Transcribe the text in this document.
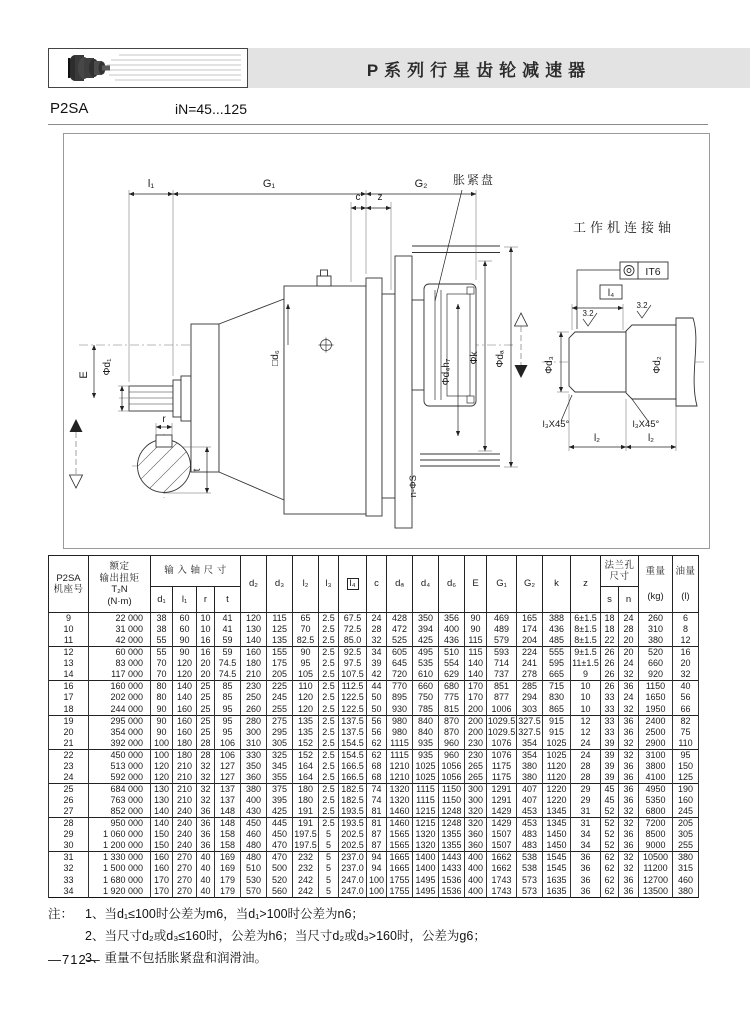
P系列行星齿轮减速器
P2SA	iN=45...125
l₁	G₁	G₂
c z
E Φd₁
□d₆
Φd₄h₇
Φk Φdₐ
n-ΦS
胀紧盘
工作机连接轴
IT6
l₄
3.2
3.2
Φd₃	Φd₂
l₃X45°	l₃X45°
l₂	l₂
r
t
P2SA
机座号

额定
输出扭矩
T₂N
(N·m)
	输 入 轴 尺 寸	d₂	d₃	l₂	l₃	l₄	c	dₐ	d₄	d₆	E	G₁	G₂	k	z	
法兰孔
尺寸	重量
(kg)

油量
(l)

		d₁	l₁	r	t															s	n		
9	22 000	38	60	10	41	120	115	65	2.5	67.5	24	428	350	356	90	469	165	388	6±1.5	18	24	260	6
10	31 000	38	60	10	41	130	125	70	2.5	72.5	28	472	394	400	90	489	174	436	8±1.5	18	28	310	8
11	42 000	55	90	16	59	140	135	82.5	2.5	85.0	32	525	425	436	115	579	204	485	8±1.5	22	20	380	12
12	60 000	55	90	16	59	160	155	90	2.5	92.5	34	605	495	510	115	593	224	555	9±1.5	26	20	520	16
13	83 000	70	120	20	74.5	180	175	95	2.5	97.5	39	645	535	554	140	714	241	595	11±1.5	26	24	660	20
14	117 000	70	120	20	74.5	210	205	105	2.5	107.5	42	720	610	629	140	737	278	665	9	26	32	920	32
16	160 000	80	140	25	85	230	225	110	2.5	112.5	44	770	660	680	170	851	285	715	10	26	36	1150	40
17	202 000	80	140	25	85	250	245	120	2.5	122.5	50	895	750	775	170	877	294	830	10	33	24	1650	56
18	244 000	90	160	25	95	260	255	120	2.5	122.5	50	930	785	815	200	1006	303	865	10	33	32	1950	66
19	295 000	90	160	25	95	280	275	135	2.5	137.5	56	980	840	870	200	1029.5	327.5	915	12	33	36	2400	82
20	354 000	90	160	25	95	300	295	135	2.5	137.5	56	980	840	870	200	1029.5	327.5	915	12	33	36	2500	75
21	392 000	100	180	28	106	310	305	152	2.5	154.5	62	1115	935	960	230	1076	354	1025	24	39	32	2900	110
22	450 000	100	180	28	106	330	325	152	2.5	154.5	62	1115	935	960	230	1076	354	1025	24	39	32	3100	95
23	513 000	120	210	32	127	350	345	164	2.5	166.5	68	1210	1025	1056	265	1175	380	1120	28	39	36	3800	150
24	592 000	120	210	32	127	360	355	164	2.5	166.5	68	1210	1025	1056	265	1175	380	1120	28	39	36	4100	125
25	684 000	130	210	32	137	380	375	180	2.5	182.5	74	1320	1115	1150	300	1291	407	1220	29	45	36	4950	190
26	763 000	130	210	32	137	400	395	180	2.5	182.5	74	1320	1115	1150	300	1291	407	1220	29	45	36	5350	160
27	852 000	140	240	36	148	430	425	191	2.5	193.5	81	1460	1215	1248	320	1429	453	1345	31	52	32	6800	245
28	950 000	140	240	36	148	450	445	191	2.5	193.5	81	1460	1215	1248	320	1429	453	1345	31	52	32	7200	205
29	1 060 000	150	240	36	158	460	450	197.5	5	202.5	87	1565	1320	1355	360	1507	483	1450	34	52	36	8500	305
30	1 200 000	150	240	36	158	480	470	197.5	5	202.5	87	1565	1320	1355	360	1507	483	1450	34	52	36	9000	255
31	1 330 000	160	270	40	169	480	470	232	5	237.0	94	1665	1400	1443	400	1662	538	1545	36	62	32	10500	380
32	1 500 000	160	270	40	169	510	500	232	5	237.0	94	1665	1400	1433	400	1662	538	1545	36	62	32	11200	315
33	1 680 000	170	270	40	179	530	520	242	5	247.0	100	1755	1495	1536	400	1743	573	1635	36	62	36	12700	460
34	1 920 000	170	270	40	179	570	560	242	5	247.0	100	1755	1495	1536	400	1743	573	1635	36	62	36	13500	380
注： 1、当d₁≤100时公差为m6，当d₁>100时公差为n6；
2、当尺寸d₂或d₃≤160时，公差为h6；当尺寸d₂或d₃>160时，公差为g6；
3、重量不包括胀紧盘和润滑油。
—712—
